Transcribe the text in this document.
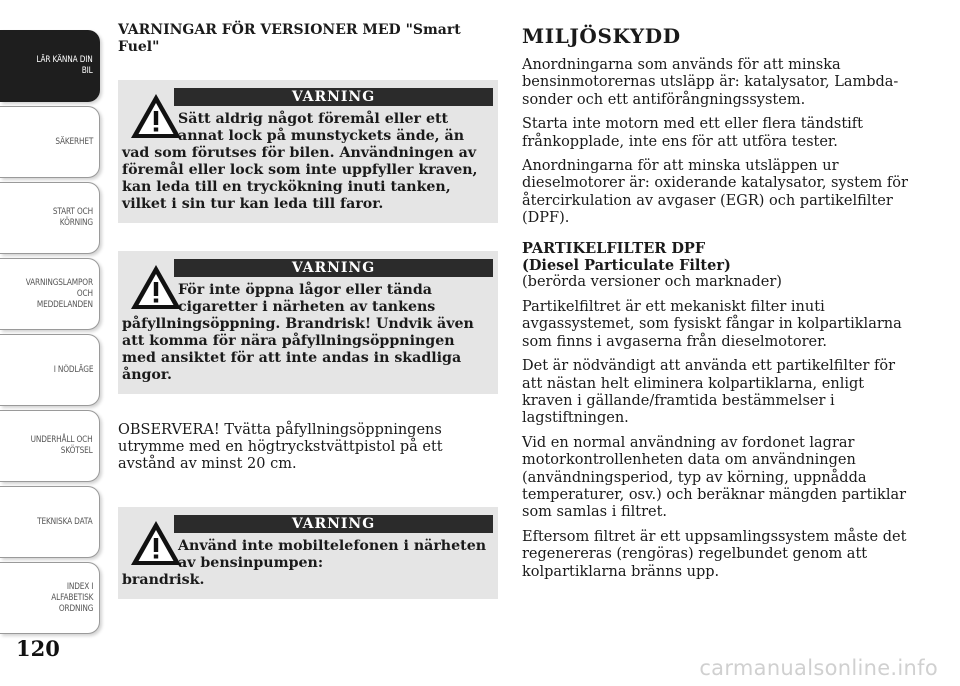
LÄR KÄNNA DIN
BIL
SÄKERHET
START OCH
KÖRNING
VARNINGSLAMPOR
OCH
MEDDELANDEN
I NÖDLÄGE
UNDERHÅLL OCH
SKÖTSEL
TEKNISKA DATA
INDEX I
ALFABETISK
ORDNING
120
VARNINGAR FÖR VERSIONER MED "Smart Fuel"
VARNING
Sätt aldrig något föremål eller ett annat lock på munstyckets ände, än
vad som förutses för bilen. Användningen av föremål eller lock som inte uppfyller kraven, kan leda till en tryckökning inuti tanken, vilket i sin tur kan leda till faror.
VARNING
För inte öppna lågor eller tända cigaretter i närheten av tankens
påfyllningsöppning. Brandrisk! Undvik även att komma för nära påfyllningsöppningen med ansiktet för att inte andas in skadliga ångor.

OBSERVERA! Tvätta påfyllningsöppningens utrymme med en högtryckstvättpistol på ett avstånd av minst 20 cm.

VARNING
Använd inte mobiltelefonen i närheten av bensinpumpen:
brandrisk.
MILJÖSKYDD

Anordningarna som används för att minska bensinmotorernas utsläpp är: katalysator, Lambda-sonder och ett antiförångningssystem.

Starta inte motorn med ett eller flera tändstift frånkopplade, inte ens för att utföra tester.

Anordningarna för att minska utsläppen ur dieselmotorer är: oxiderande katalysator, system för återcirkulation av avgaser (EGR) och partikelfilter (DPF).

PARTIKELFILTER DPF
(Diesel Particulate Filter)

(berörda versioner och marknader)

Partikelfiltret är ett mekaniskt filter inuti avgassystemet, som fysiskt fångar in kolpartiklarna som finns i avgaserna från dieselmotorer.

Det är nödvändigt att använda ett partikelfilter för att nästan helt eliminera kolpartiklarna, enligt kraven i gällande/framtida bestämmelser i lagstiftningen.

Vid en normal användning av fordonet lagrar motorkontrollenheten data om användningen (användningsperiod, typ av körning, uppnådda temperaturer, osv.) och beräknar mängden partiklar som samlas i filtret.

Eftersom filtret är ett uppsamlingssystem måste det regenereras (rengöras) regelbundet genom att kolpartiklarna bränns upp.

carmanualsonline.info
